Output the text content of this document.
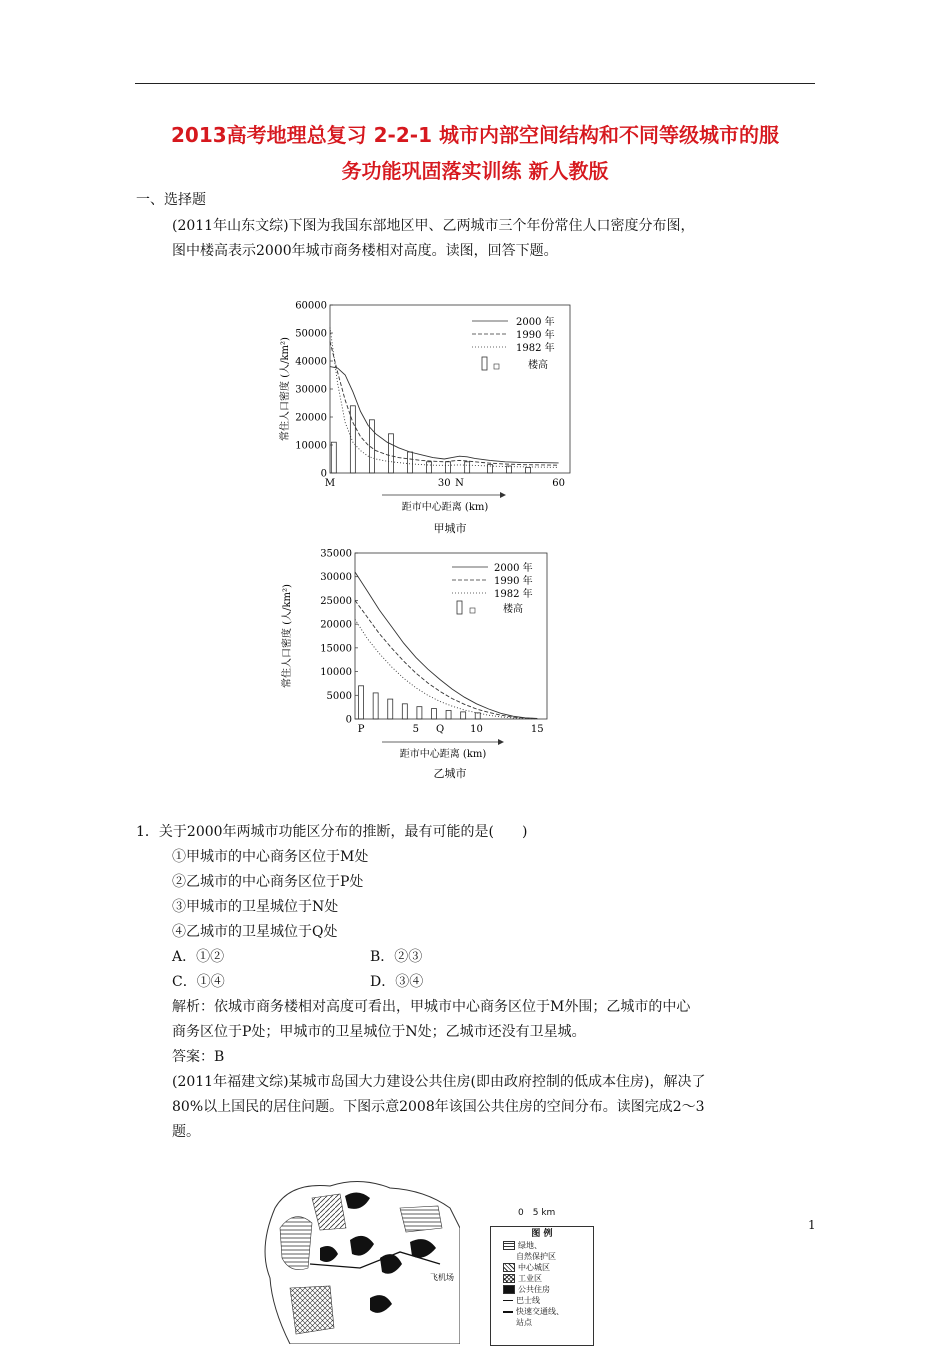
2013高考地理总复习 2-2-1 城市内部空间结构和不同等级城市的服
务功能巩固落实训练 新人教版
一、选择题
(2011年山东文综)下图为我国东部地区甲、乙两城市三个年份常住人口密度分布图，
图中楼高表示2000年城市商务楼相对高度。读图，回答下题。
60000
50000
40000
30000
20000
10000
0
M	30 N	60
常住人口密度 (人/km²)
距市中心距离 (km)
甲城市
2000 年
1990 年
1982 年
楼高
35000
30000
25000
20000
15000
10000
5000
0
P	5 Q	10	15
常住人口密度 (人/km²)
距市中心距离 (km)
乙城市
2000 年
1990 年
1982 年
楼高
1．关于2000年两城市功能区分布的推断，最有可能的是(　　)
①甲城市的中心商务区位于M处
②乙城市的中心商务区位于P处
③甲城市的卫星城位于N处
④乙城市的卫星城位于Q处
A．①②	B．②③
C．①④	D．③④
解析：依城市商务楼相对高度可看出，甲城市中心商务区位于M外围；乙城市的中心
商务区位于P处；甲城市的卫星城位于N处；乙城市还没有卫星城。
答案：B
(2011年福建文综)某城市岛国大力建设公共住房(即由政府控制的低成本住房)，解决了
80%以上国民的居住问题。下图示意2008年该国公共住房的空间分布。读图完成2～3
题。
飞机场
0　5 km
图 例
绿地、
自然保护区
中心城区
工业区
公共住房
巴士线
快速交通线、
站点
1
